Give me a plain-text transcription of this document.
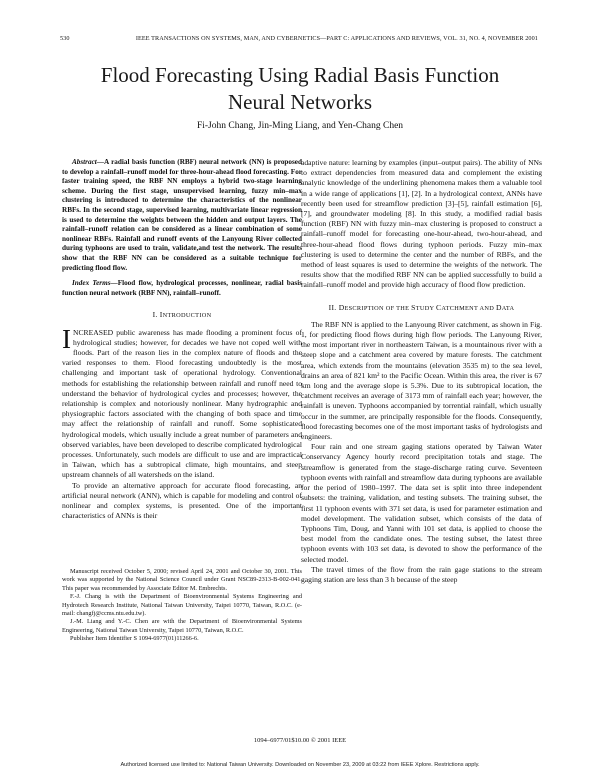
530	IEEE TRANSACTIONS ON SYSTEMS, MAN, AND CYBERNETICS—PART C: APPLICATIONS AND REVIEWS, VOL. 31, NO. 4, NOVEMBER 2001
Flood Forecasting Using Radial Basis Function
Neural Networks
Fi-John Chang, Jin-Ming Liang, and Yen-Chang Chen

Abstract—A radial basis function (RBF) neural network (NN) is proposed to develop a rainfall–runoff model for three-hour-ahead flood forecasting. For faster training speed, the RBF NN employs a hybrid two-stage learning scheme. During the first stage, unsupervised learning, fuzzy min–max clustering is introduced to determine the characteristics of the nonlinear RBFs. In the second stage, supervised learning, multivariate linear regression is used to determine the weights between the hidden and output layers. The rainfall–runoff relation can be considered as a linear combination of some nonlinear RBFs. Rainfall and runoff events of the Lanyoung River collected during typhoons are used to train, validate,and test the network. The results show that the RBF NN can be considered as a suitable technique for predicting flood flow.

Index Terms—Flood flow, hydrological processes, nonlinear, radial basis function neural network (RBF NN), rainfall–runoff.

I. INTRODUCTION

INCREASED public awareness has made flooding a prominent focus of hydrological studies; however, for decades we have not coped well with floods. Part of the reason lies in the complex nature of floods and the varied responses to them. Flood forecasting undoubtedly is the most challenging and important task of operational hydrology. Conventional methods for establishing the relationship between rainfall and runoff need to understand the behavior of hydrological cycles and processes; however, the relationship is complex and notoriously nonlinear. Many hydrographic and physiographic factors associated with the changing of both space and time may affect the relationship of rainfall and runoff. Some sophisticated hydrological models, which usually include a great number of parameters and observed variables, have been developed to describe complicated hydrological processes. Unfortunately, such models are difficult to use and are impractical in Taiwan, which has a subtropical climate, high mountains, and steep upstream channels of all watersheds on the island.

To provide an alternative approach for accurate flood forecasting, an artificial neural network (ANN), which is capable for modeling and control of nonlinear and complex systems, is presented. One of the important characteristics of ANNs is their

Manuscript received October 5, 2000; revised April 24, 2001 and October 30, 2001. This work was supported by the National Science Council under Grant NSC89-2313-B-002-041. This paper was recommended by Associate Editor M. Embrechts.

F.-J. Chang is with the Department of Bioenvironmental Systems Engineering and Hydrotech Research Institute, National Taiwan University, Taipei 10770, Taiwan, R.O.C. (e-mail: changfj@ccms.ntu.edu.tw).

J.-M. Liang and Y.-C. Chen are with the Department of Bioenvironmental Systems Engineering, National Taiwan University, Taipei 10770, Taiwan, R.O.C.

Publisher Item Identifier S 1094-6977(01)11266-6.

adaptive nature: learning by examples (input–output pairs). The ability of NNs to extract dependencies from measured data and complement the existing analytic knowledge of the underlining phenomena makes them a valuable tool in a wide range of applications [1], [2]. In a hydrological context, ANNs have recently been used for streamflow prediction [3]–[5], rainfall estimation [6], [7], and groundwater modeling [8]. In this study, a modified radial basis function (RBF) NN with fuzzy min–max clustering is proposed to construct a rainfall–runoff model for forecasting one-hour-ahead, two-hour-ahead, and three-hour-ahead flood flows during typhoon periods. Fuzzy min–max clustering is used to determine the center and the number of RBFs, and the method of least squares is used to determine the weights of the network. The results show that the modified RBF NN can be applied successfully to build a rainfall–runoff model and provide high accuracy of flood flow prediction.

II. DESCRIPTION OF THE STUDY CATCHMENT AND DATA

The RBF NN is applied to the Lanyoung River catchment, as shown in Fig. 1, for predicting flood flows during high flow periods. The Lanyoung River, the most important river in northeastern Taiwan, is a mountainous river with a steep slope and a catchment area covered by mature forests. The catchment area, which extends from the mountains (elevation 3535 m) to the sea level, drains an area of 821 km² to the Pacific Ocean. Within this area, the river is 67 km long and the average slope is 5.3%. Due to its subtropical location, the catchment receives an average of 3173 mm of rainfall each year; however, the rainfall is uneven. Typhoons accompanied by torrential rainfall, which usually occur in the summer, are principally responsible for the floods. Consequently, flood forecasting becomes one of the most important tasks of hydrologists and engineers.

Four rain and one stream gaging stations operated by Taiwan Water Conservancy Agency hourly record precipitation totals and stage. The streamflow is generated from the stage-discharge rating curve. Seventeen typhoon events with rainfall and streamflow data during typhoons are available for the period of 1980–1997. The data set is split into three independent subsets: the training, validation, and testing subsets. The training subset, the first 11 typhoon events with 371 set data, is used for parameter estimation and model development. The validation subset, which consists of the data of Typhoons Tim, Doug, and Yanni with 101 set data, is applied to choose the best model from the candidate ones. The testing subset, the latest three typhoon events with 103 set data, is devoted to show the performance of the selected model.

The travel times of the flow from the rain gage stations to the stream gaging station are less than 3 h because of the steep

1094–6977/01$10.00 © 2001 IEEE
Authorized licensed use limited to: National Taiwan University. Downloaded on November 23, 2009 at 03:22 from IEEE Xplore. Restrictions apply.
